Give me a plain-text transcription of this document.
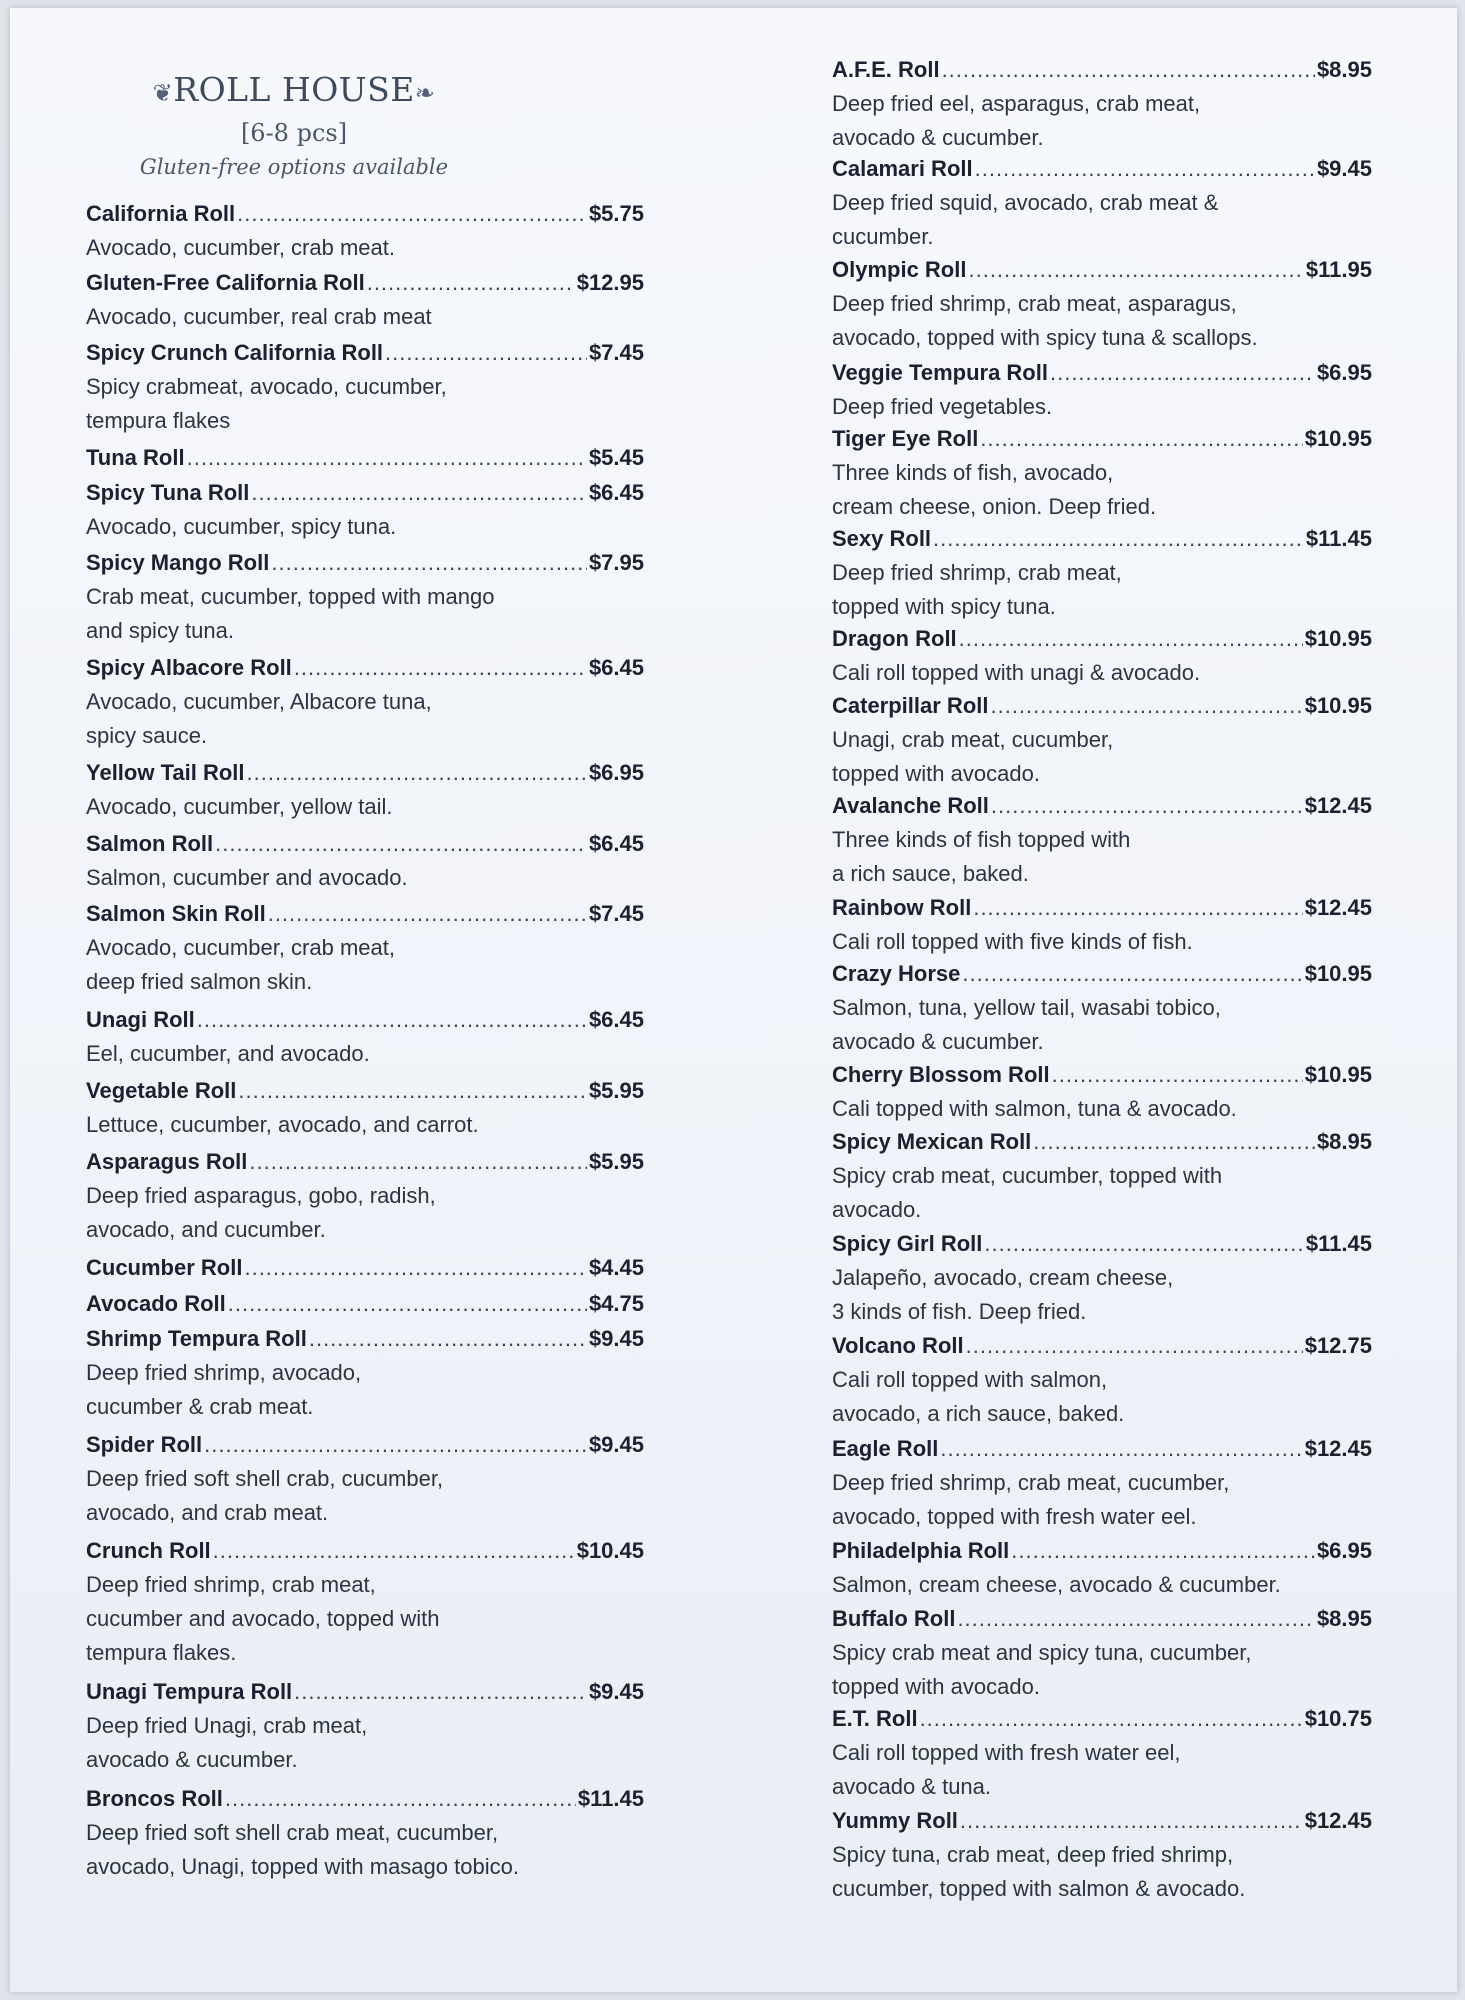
❦ROLL HOUSE❧
[6-8 pcs]
Gluten-free options available
California Roll .....	$5.75
Avocado, cucumber, crab meat.
Gluten-Free California Roll .....	$12.95
Avocado, cucumber, real crab meat
Spicy Crunch California Roll .....	$7.45
Spicy crabmeat, avocado, cucumber,
tempura flakes
Tuna Roll .....	$5.45
Spicy Tuna Roll .....	$6.45
Avocado, cucumber, spicy tuna.
Spicy Mango Roll .....	$7.95
Crab meat, cucumber, topped with mango
and spicy tuna.
Spicy Albacore Roll .....	$6.45
Avocado, cucumber, Albacore tuna,
spicy sauce.
Yellow Tail Roll .....	$6.95
Avocado, cucumber, yellow tail.
Salmon Roll .....	$6.45
Salmon, cucumber and avocado.
Salmon Skin Roll .....	$7.45
Avocado, cucumber, crab meat,
deep fried salmon skin.
Unagi Roll .....	$6.45
Eel, cucumber, and avocado.
Vegetable Roll .....	$5.95
Lettuce, cucumber, avocado, and carrot.
Asparagus Roll .....	$5.95
Deep fried asparagus, gobo, radish,
avocado, and cucumber.
Cucumber Roll .....	$4.45
Avocado Roll .....	$4.75
Shrimp Tempura Roll .....	$9.45
Deep fried shrimp, avocado,
cucumber & crab meat.
Spider Roll .....	$9.45
Deep fried soft shell crab, cucumber,
avocado, and crab meat.
Crunch Roll .....	$10.45
Deep fried shrimp, crab meat,
cucumber and avocado, topped with
tempura flakes.
Unagi Tempura Roll .....	$9.45
Deep fried Unagi, crab meat,
avocado & cucumber.
Broncos Roll .....	$11.45
Deep fried soft shell crab meat, cucumber,
avocado, Unagi, topped with masago tobico.
A.F.E. Roll .....	$8.95
Deep fried eel, asparagus, crab meat,
avocado & cucumber.
Calamari Roll .....	$9.45
Deep fried squid, avocado, crab meat &
cucumber.
Olympic Roll .....	$11.95
Deep fried shrimp, crab meat, asparagus,
avocado, topped with spicy tuna & scallops.
Veggie Tempura Roll .....	$6.95
Deep fried vegetables.
Tiger Eye Roll .....	$10.95
Three kinds of fish, avocado,
cream cheese, onion. Deep fried.
Sexy Roll .....	$11.45
Deep fried shrimp, crab meat,
topped with spicy tuna.
Dragon Roll .....	$10.95
Cali roll topped with unagi & avocado.
Caterpillar Roll .....	$10.95
Unagi, crab meat, cucumber,
topped with avocado.
Avalanche Roll .....	$12.45
Three kinds of fish topped with
a rich sauce, baked.
Rainbow Roll .....	$12.45
Cali roll topped with five kinds of fish.
Crazy Horse .....	$10.95
Salmon, tuna, yellow tail, wasabi tobico,
avocado & cucumber.
Cherry Blossom Roll .....	$10.95
Cali topped with salmon, tuna & avocado.
Spicy Mexican Roll .....	$8.95
Spicy crab meat, cucumber, topped with
avocado.
Spicy Girl Roll .....	$11.45
Jalapeño, avocado, cream cheese,
3 kinds of fish. Deep fried.
Volcano Roll .....	$12.75
Cali roll topped with salmon,
avocado, a rich sauce, baked.
Eagle Roll .....	$12.45
Deep fried shrimp, crab meat, cucumber,
avocado, topped with fresh water eel.
Philadelphia Roll .....	$6.95
Salmon, cream cheese, avocado & cucumber.
Buffalo Roll .....	$8.95
Spicy crab meat and spicy tuna, cucumber,
topped with avocado.
E.T. Roll .....	$10.75
Cali roll topped with fresh water eel,
avocado & tuna.
Yummy Roll .....	$12.45
Spicy tuna, crab meat, deep fried shrimp,
cucumber, topped with salmon & avocado.
